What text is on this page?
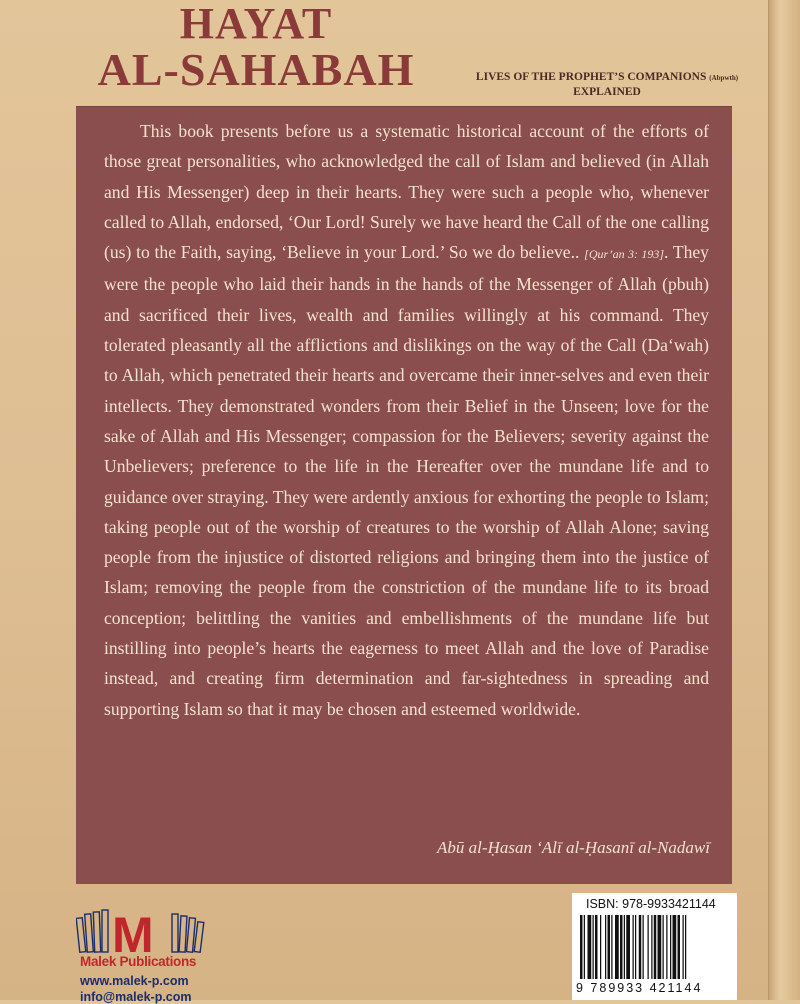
HAYAT
AL-SAHABAH	LIVES OF THE PROPHET’S COMPANIONS (Abpwth)
EXPLAINED
This book presents before us a systematic historical account of the efforts of those great personalities, who acknowledged the call of Islam and believed (in Allah and His Messenger) deep in their hearts. They were such a people who, whenever called to Allah, endorsed, ‘Our Lord! Surely we have heard the Call of the one calling (us) to the Faith, saying, ‘Believe in your Lord.’ So we do believe.. [Qur’an 3: 193]. They were the people who laid their hands in the hands of the Messenger of Allah (pbuh) and sacrificed their lives, wealth and families willingly at his command. They tolerated pleasantly all the afflictions and dislikings on the way of the Call (Da‘wah) to Allah, which penetrated their hearts and overcame their inner-selves and even their intellects. They demonstrated wonders from their Belief in the Unseen; love for the sake of Allah and His Messenger; compassion for the Believers; severity against the Unbelievers; preference to the life in the Hereafter over the mundane life and to guidance over straying. They were ardently anxious for exhorting the people to Islam; taking people out of the worship of creatures to the worship of Allah Alone; saving people from the injustice of distorted religions and bringing them into the justice of Islam; removing the people from the constriction of the mundane life to its broad conception; belittling the vanities and embellishments of the mundane life but instilling into people’s hearts the eagerness to meet Allah and the love of Paradise instead, and creating firm determination and far-sightedness in spreading and supporting Islam so that it may be chosen and esteemed worldwide.
Abū al-Ḥasan ‘Alī al-Ḥasanī al-Nadawī
M
Malek Publications
www.malek-p.com
info@malek-p.com
ISBN: 978-9933421144
9 789933 421144
